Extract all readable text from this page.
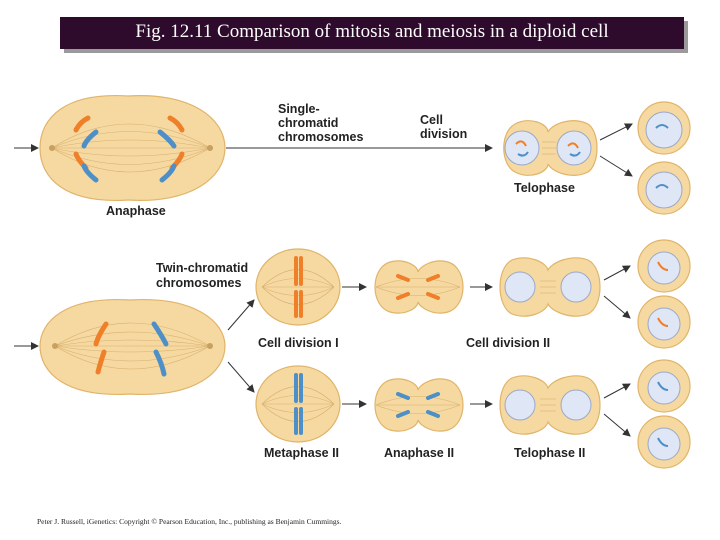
Fig. 12.11 Comparison of mitosis and meiosis in a diploid cell
Anaphase
Single-
chromatid
chromosomes
Cell
division
Telophase
Twin-chromatid
chromosomes
Cell division I
Metaphase II	Anaphase II
Cell division II
Telophase II
Peter J. Russell, iGenetics: Copyright © Pearson Education, Inc., publishing as Benjamin Cummings.
